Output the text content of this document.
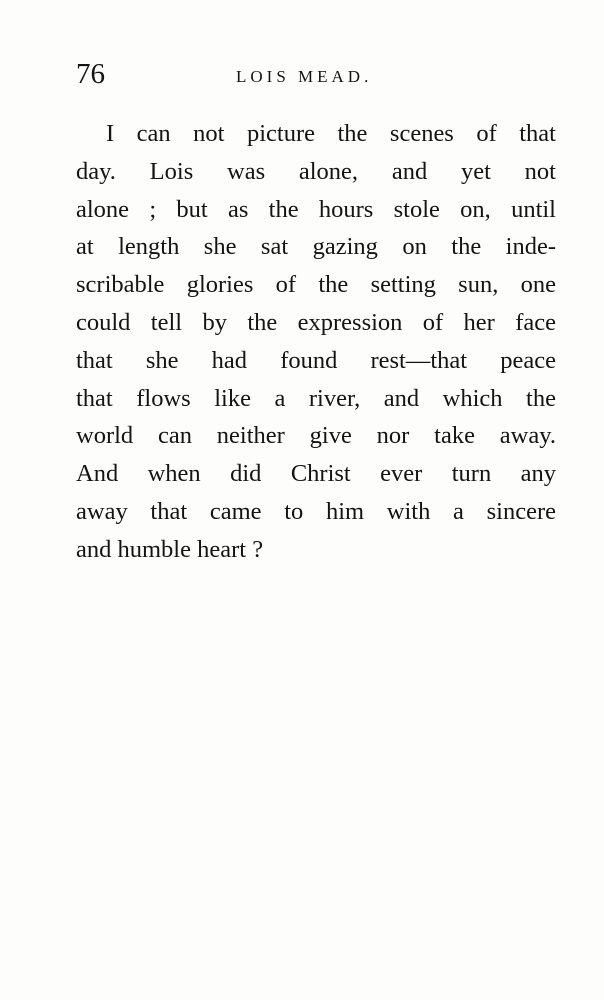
76	LOIS MEAD.

I can not picture the scenes of that
day. Lois was alone, and yet not
alone ; but as the hours stole on, until
at length she sat gazing on the inde-
scribable glories of the setting sun, one
could tell by the expression of her face
that she had found rest—that peace
that flows like a river, and which the
world can neither give nor take away.
And when did Christ ever turn any
away that came to him with a sincere
and humble heart ?
